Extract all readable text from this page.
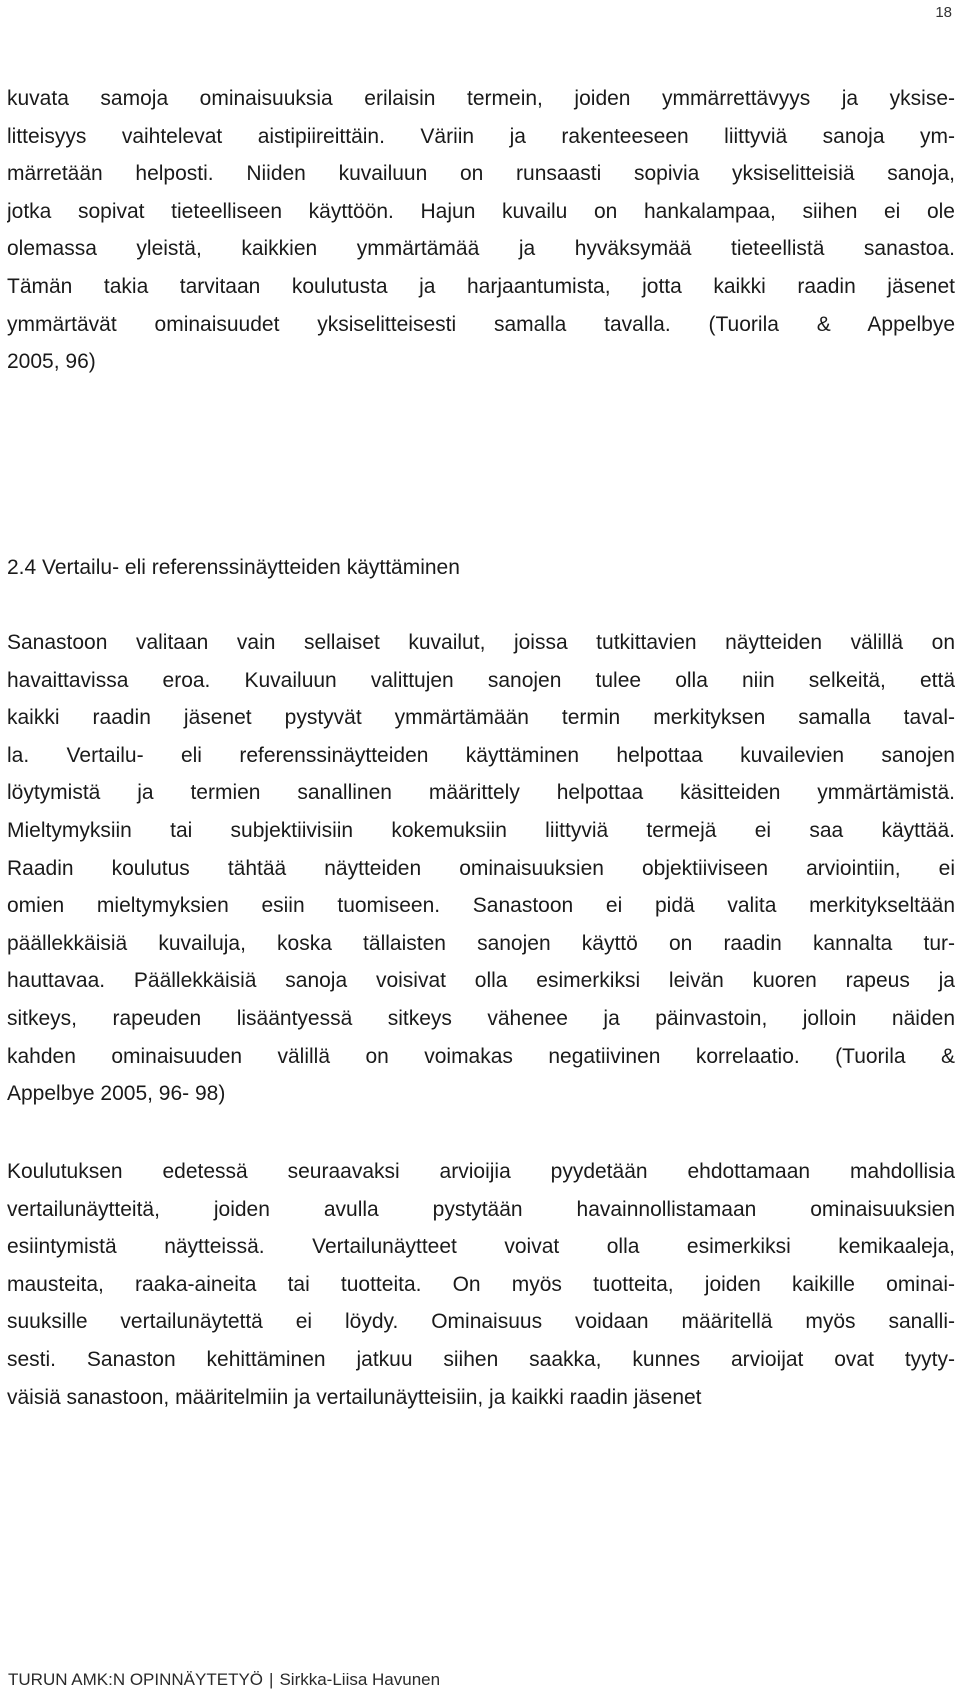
18
kuvata samoja ominaisuuksia erilaisin termein, joiden ymmärrettävyys ja yksise-
litteisyys vaihtelevat aistipiireittäin. Väriin ja rakenteeseen liittyviä sanoja ym-
märretään helposti. Niiden kuvailuun on runsaasti sopivia yksiselitteisiä sanoja,
jotka sopivat tieteelliseen käyttöön. Hajun kuvailu on hankalampaa, siihen ei ole
olemassa yleistä, kaikkien ymmärtämää ja hyväksymää tieteellistä sanastoa.
Tämän takia tarvitaan koulutusta ja harjaantumista, jotta kaikki raadin jäsenet
ymmärtävät ominaisuudet yksiselitteisesti samalla tavalla. (Tuorila & Appelbye
2005, 96)
2.4 Vertailu- eli referenssinäytteiden käyttäminen
Sanastoon valitaan vain sellaiset kuvailut, joissa tutkittavien näytteiden välillä on
havaittavissa eroa. Kuvailuun valittujen sanojen tulee olla niin selkeitä, että
kaikki raadin jäsenet pystyvät ymmärtämään termin merkityksen samalla taval-
la. Vertailu- eli referenssinäytteiden käyttäminen helpottaa kuvailevien sanojen
löytymistä ja termien sanallinen määrittely helpottaa käsitteiden ymmärtämistä.
Mieltymyksiin tai subjektiivisiin kokemuksiin liittyviä termejä ei saa käyttää.
Raadin koulutus tähtää näytteiden ominaisuuksien objektiiviseen arviointiin, ei
omien mieltymyksien esiin tuomiseen. Sanastoon ei pidä valita merkitykseltään
päällekkäisiä kuvailuja, koska tällaisten sanojen käyttö on raadin kannalta tur-
hauttavaa. Päällekkäisiä sanoja voisivat olla esimerkiksi leivän kuoren rapeus ja
sitkeys, rapeuden lisääntyessä sitkeys vähenee ja päinvastoin, jolloin näiden
kahden ominaisuuden välillä on voimakas negatiivinen korrelaatio. (Tuorila &
Appelbye 2005, 96- 98)
Koulutuksen edetessä seuraavaksi arvioijia pyydetään ehdottamaan mahdollisia
vertailunäytteitä, joiden avulla pystytään havainnollistamaan ominaisuuksien
esiintymistä näytteissä. Vertailunäytteet voivat olla esimerkiksi kemikaaleja,
mausteita, raaka-aineita tai tuotteita. On myös tuotteita, joiden kaikille ominai-
suuksille vertailunäytettä ei löydy. Ominaisuus voidaan määritellä myös sanalli-
sesti. Sanaston kehittäminen jatkuu siihen saakka, kunnes arvioijat ovat tyyty-
väisiä sanastoon, määritelmiin ja vertailunäytteisiin, ja kaikki raadin jäsenet
TURUN AMK:N OPINNÄYTETYÖ | Sirkka-Liisa Havunen
